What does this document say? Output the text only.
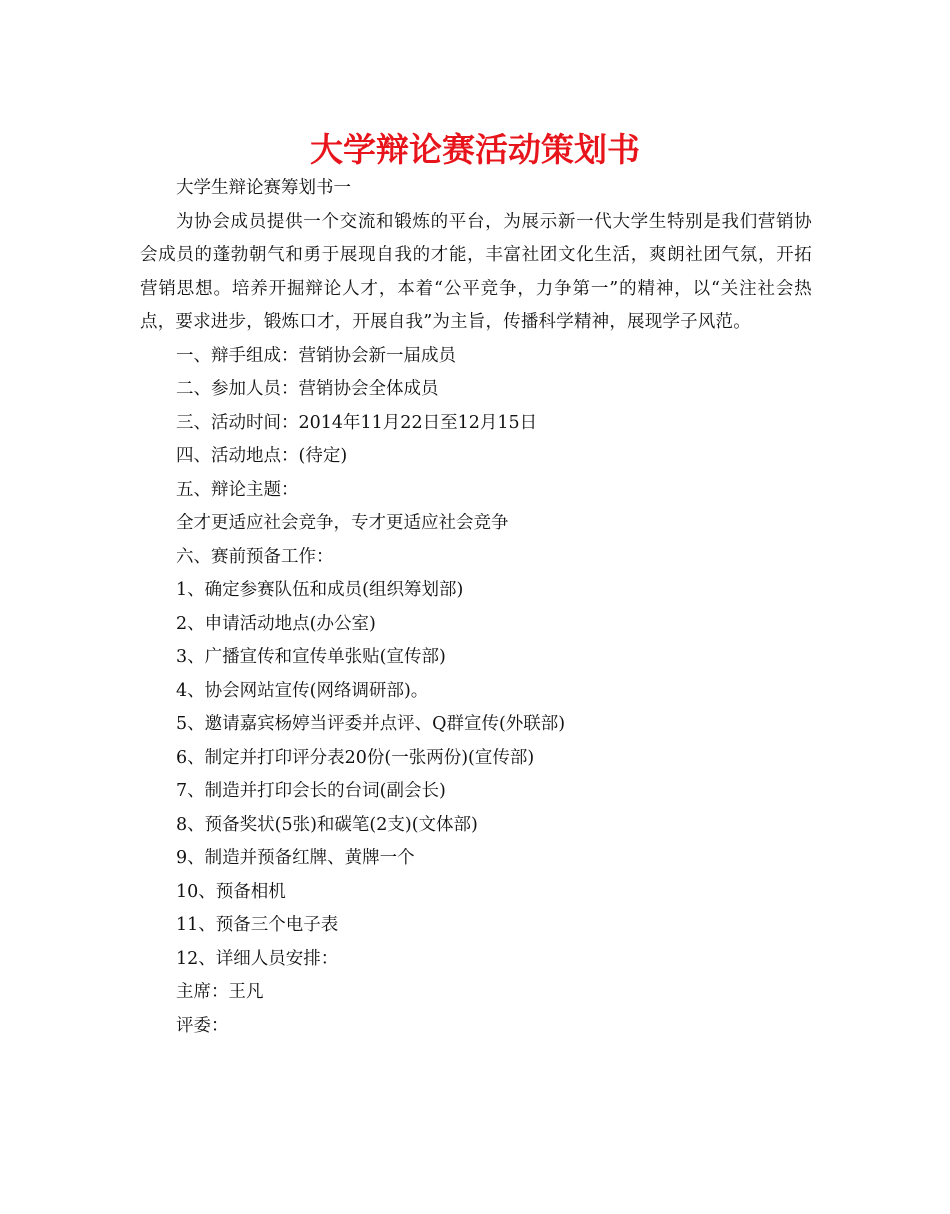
大学辩论赛活动策划书

大学生辩论赛筹划书一

为协会成员提供一个交流和锻炼的平台，为展示新一代大学生特别是我们营销协会成员的蓬勃朝气和勇于展现自我的才能，丰富社团文化生活，爽朗社团气氛，开拓营销思想。培养开掘辩论人才，本着“公平竞争，力争第一”的精神，以“关注社会热点，要求进步，锻炼口才，开展自我”为主旨，传播科学精神，展现学子风范。

一、辩手组成：营销协会新一届成员

二、参加人员：营销协会全体成员

三、活动时间：2014年11月22日至12月15日

四、活动地点：(待定)

五、辩论主题：

全才更适应社会竞争，专才更适应社会竞争

六、赛前预备工作：

1、确定参赛队伍和成员(组织筹划部)

2、申请活动地点(办公室)

3、广播宣传和宣传单张贴(宣传部)

4、协会网站宣传(网络调研部)。

5、邀请嘉宾杨婷当评委并点评、Q群宣传(外联部)

6、制定并打印评分表20份(一张两份)(宣传部)

7、制造并打印会长的台词(副会长)

8、预备奖状(5张)和碳笔(2支)(文体部)

9、制造并预备红牌、黄牌一个

10、预备相机

11、预备三个电子表

12、详细人员安排：

主席：王凡

评委：
